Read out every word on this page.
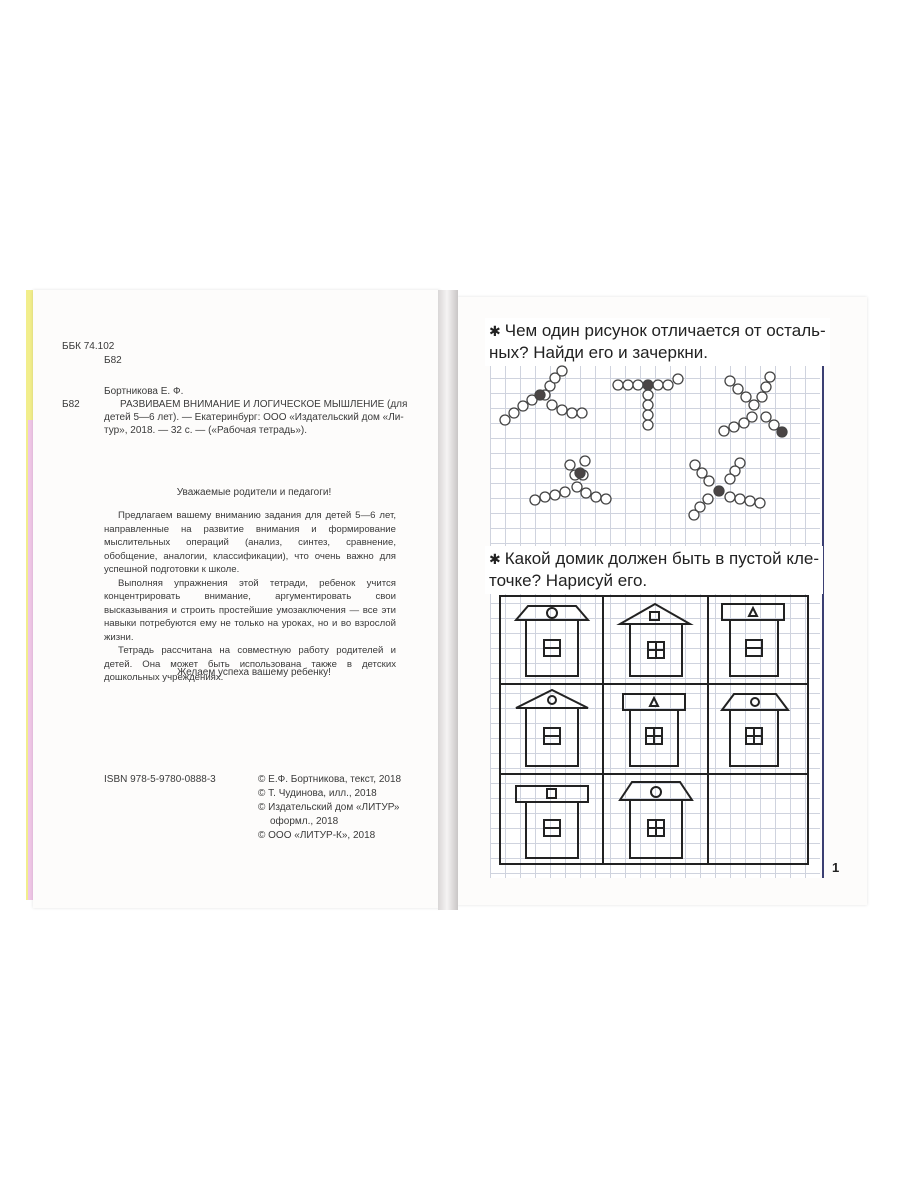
ББК 74.102
Б82
Бортникова Е. Ф.
Б82	РАЗВИВАЕМ ВНИМАНИЕ И ЛОГИЧЕСКОЕ МЫШЛЕНИЕ (для
детей 5—6 лет). — Екатеринбург: ООО «Издательский дом «Ли-
тур», 2018. — 32 с. — («Рабочая тетрадь»).
Уважаемые родители и педагоги!

Предлагаем вашему вниманию задания для детей 5—6 лет, направленные на развитие внимания и формирование мыслительных операций (анализ, синтез, сравнение, обобщение, аналогии, классификации), что очень важно для успешной подготовки к школе.

Выполняя упражнения этой тетради, ребенок учится концентрировать внимание, аргументировать свои высказывания и строить простейшие умозаключения — все эти навыки потребуются ему не только на уроках, но и во взрослой жизни.

Тетрадь рассчитана на совместную работу родителей и детей. Она может быть использована также в детских дошкольных учреждениях.

Желаем успеха вашему ребенку!
ISBN 978-5-9780-0888-3	© Е.Ф. Бортникова, текст, 2018
© Т. Чудинова, илл., 2018
© Издательский дом «ЛИТУР»
оформл., 2018
© ООО «ЛИТУР-К», 2018
✱ Чем один рисунок отличается от осталь-
ных? Найди его и зачеркни.
✱ Какой домик должен быть в пустой кле-
точке? Нарисуй его.
1
